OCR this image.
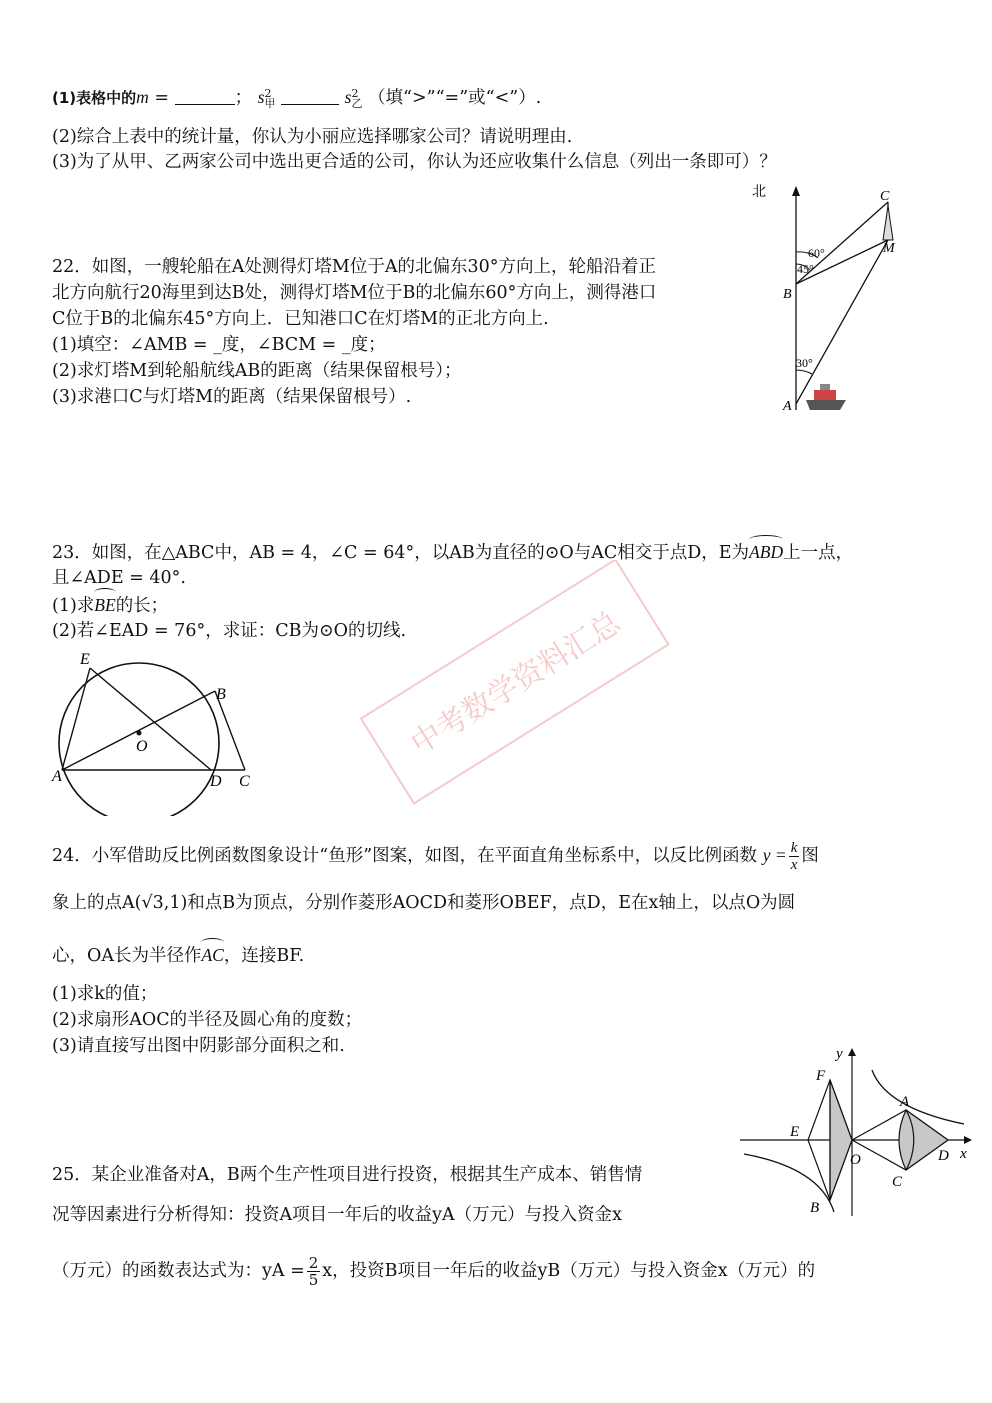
(1)表格中的m =	； s 2
甲	s 2
乙 （填“>”“=”或“<”）.
(2)综合上表中的统计量，你认为小丽应选择哪家公司？请说明理由.
(3)为了从甲、乙两家公司中选出更合适的公司，你认为还应收集什么信息（列出一条即可）？
22．如图，一艘轮船在A处测得灯塔M位于A的北偏东30°方向上，轮船沿着正
北方向航行20海里到达B处，测得灯塔M位于B的北偏东60°方向上，测得港口
C位于B的北偏东45°方向上．已知港口C在灯塔M的正北方向上.
(1)填空：∠AMB = _度，∠BCM = _度；
(2)求灯塔M到轮船航线AB的距离（结果保留根号）；
(3)求港口C与灯塔M的距离（结果保留根号）.
北
60°
45°
30°
C
M
B
A
23．如图，在△ABC中，AB = 4，∠C = 64°，以AB为直径的⊙O与AC相交于点D，E为ABD上一点，
且∠ADE = 40°.
(1)求BE的长；
(2)若∠EAD = 76°，求证：CB为⊙O的切线.
E
B
O
A	D C
中考数学资料汇总
24．小军借助反比例函数图象设计“鱼形”图案，如图，在平面直角坐标系中，以反比例函数 $y = \frac{k}{x}$ 图
象上的点A(√3,1)和点B为顶点，分别作菱形AOCD和菱形OBEF，点D，E在x轴上，以点O为圆
心，OA长为半径作AC，连接BF.
(1)求k的值；
(2)求扇形AOC的半径及圆心角的度数；
(3)请直接写出图中阴影部分面积之和.	y
x
F
E
B
O
A
C
D
25．某企业准备对A，B两个生产性项目进行投资，根据其生产成本、销售情
况等因素进行分析得知：投资A项目一年后的收益yA（万元）与投入资金x
（万元）的函数表达式为：yA = $\frac{2}{5}$ x，投资B项目一年后的收益yB（万元）与投入资金x（万元）的
